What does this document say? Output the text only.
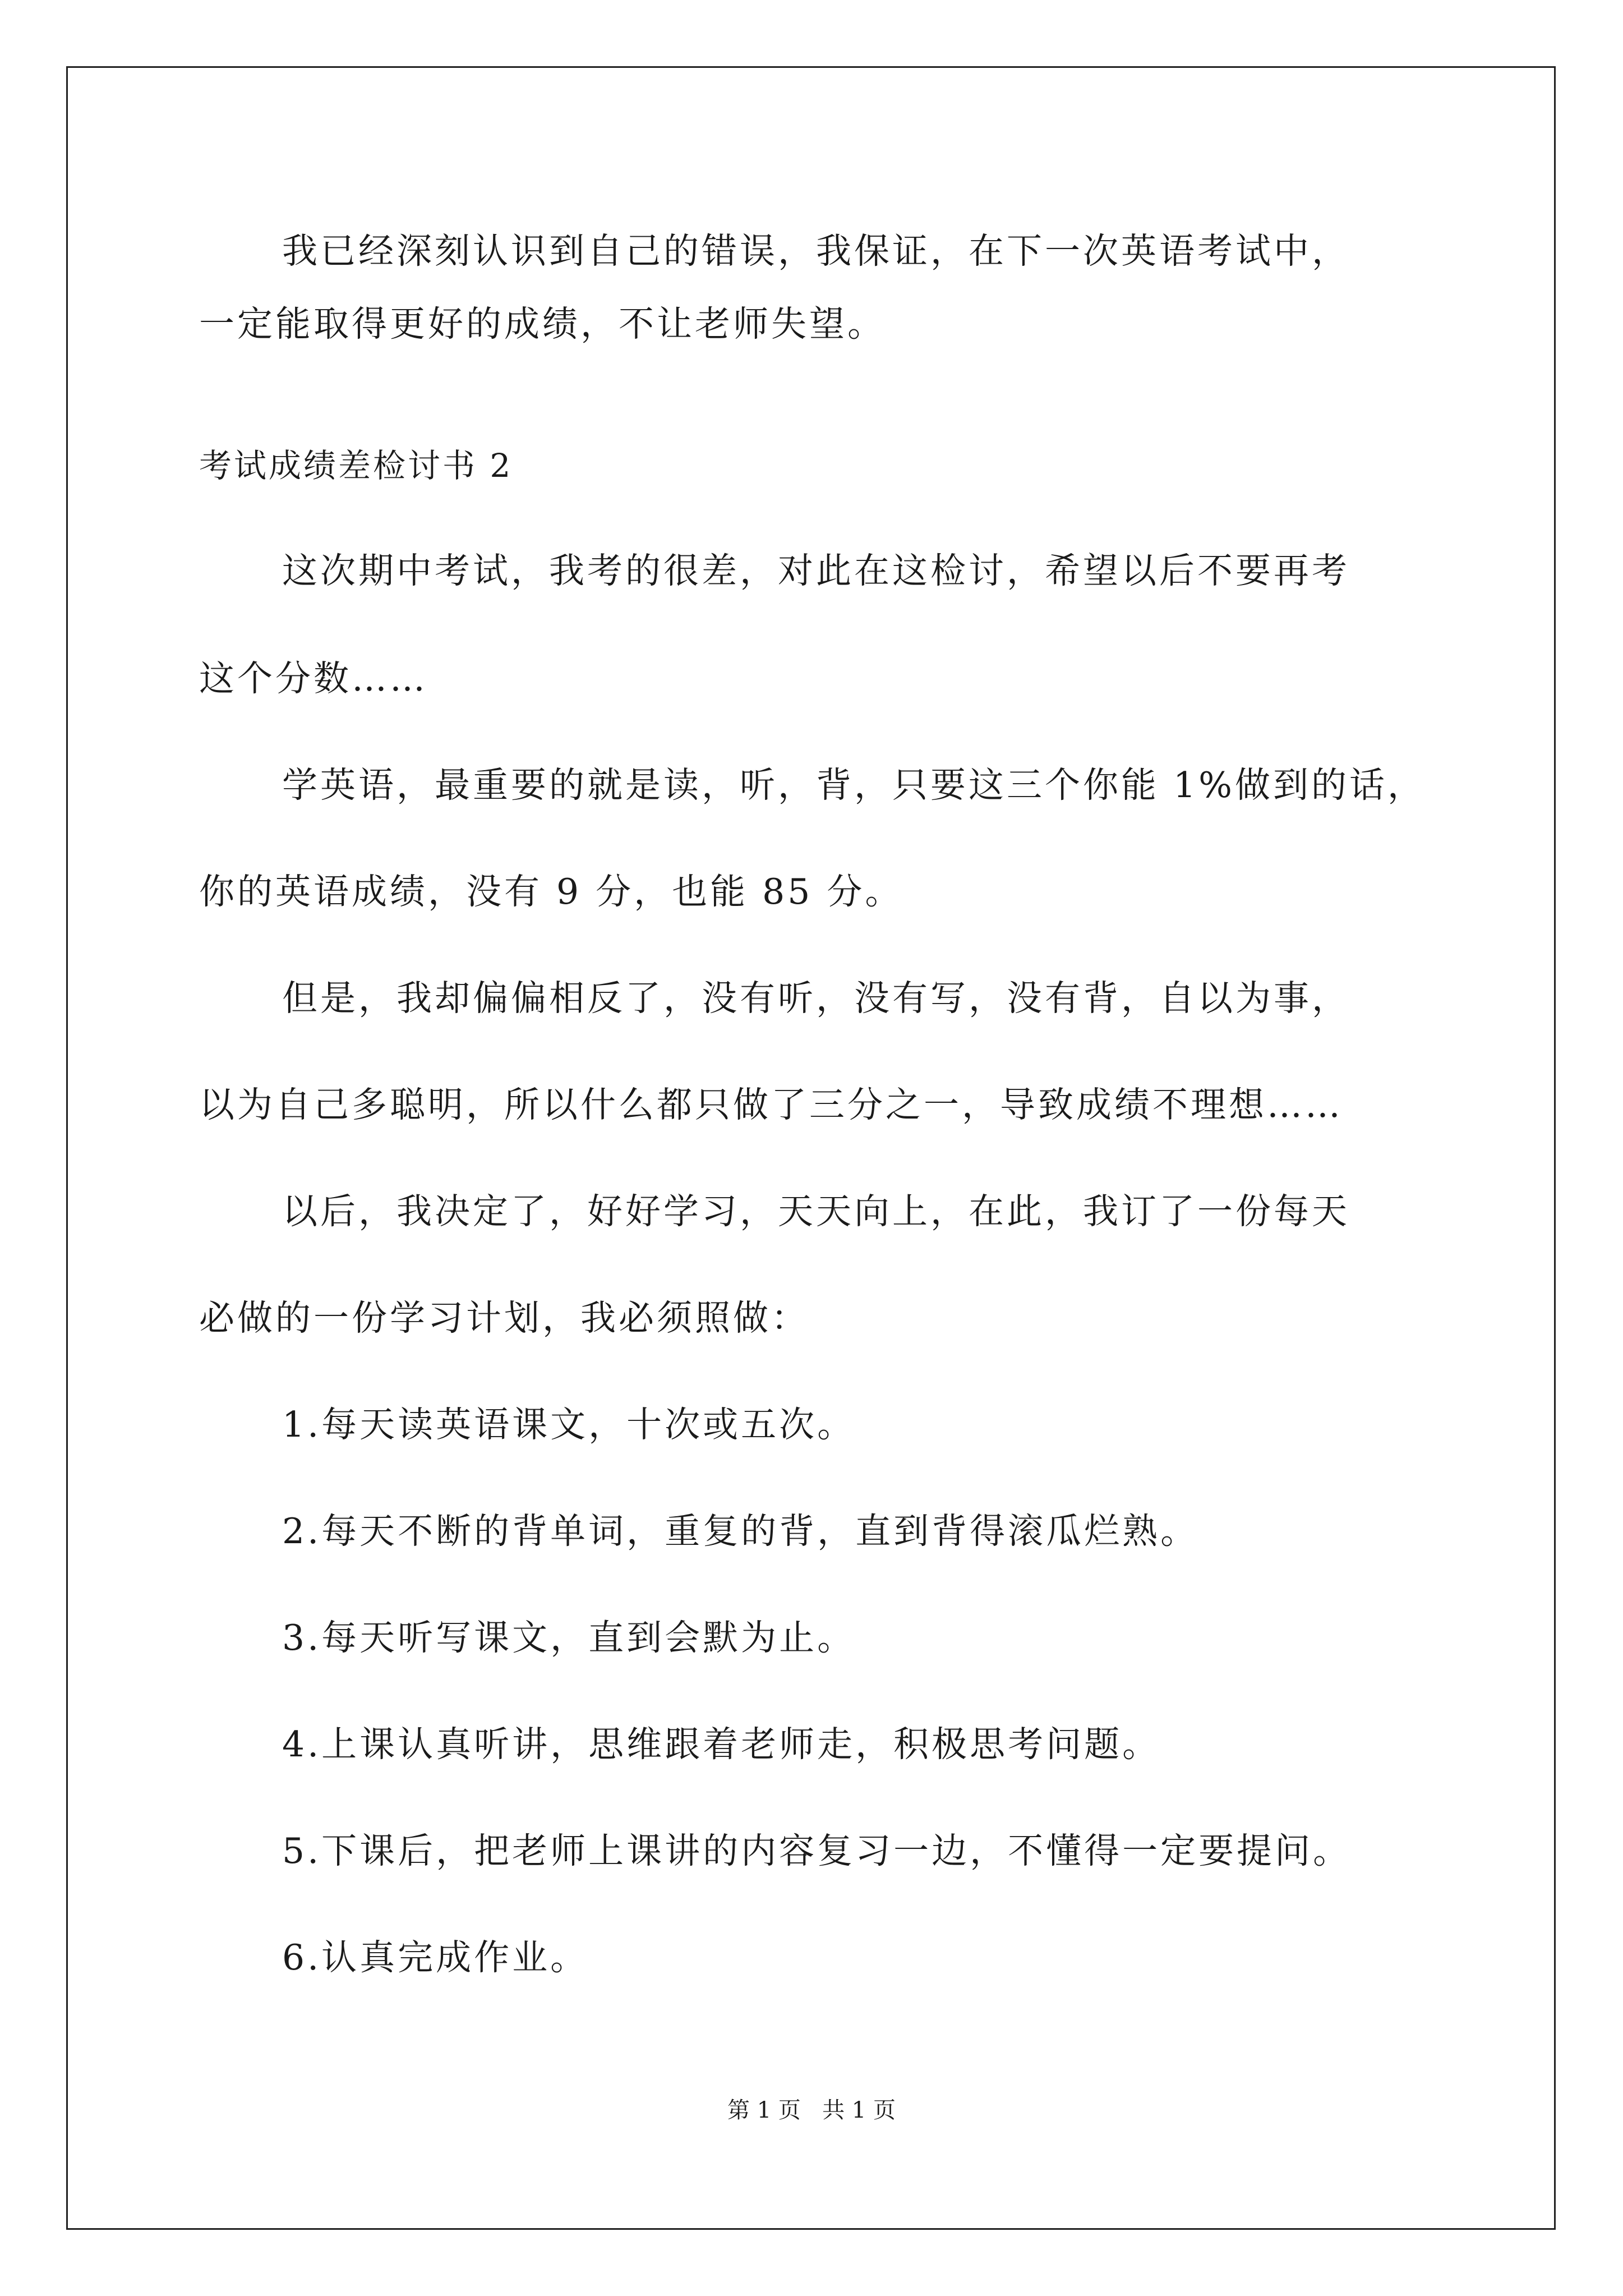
我已经深刻认识到自己的错误，我保证，在下一次英语考试中，
一定能取得更好的成绩，不让老师失望。
考试成绩差检讨书 2
这次期中考试，我考的很差，对此在这检讨，希望以后不要再考
这个分数……
学英语，最重要的就是读，听，背，只要这三个你能 1%做到的话，
你的英语成绩，没有 9 分，也能 85 分。
但是，我却偏偏相反了，没有听，没有写，没有背，自以为事，
以为自己多聪明，所以什么都只做了三分之一，导致成绩不理想……
以后，我决定了，好好学习，天天向上，在此，我订了一份每天
必做的一份学习计划，我必须照做：
1.每天读英语课文，十次或五次。
2.每天不断的背单词，重复的背，直到背得滚瓜烂熟。
3.每天听写课文，直到会默为止。
4.上课认真听讲，思维跟着老师走，积极思考问题。
5.下课后，把老师上课讲的内容复习一边，不懂得一定要提问。
6.认真完成作业。
第 1 页   共 1 页
